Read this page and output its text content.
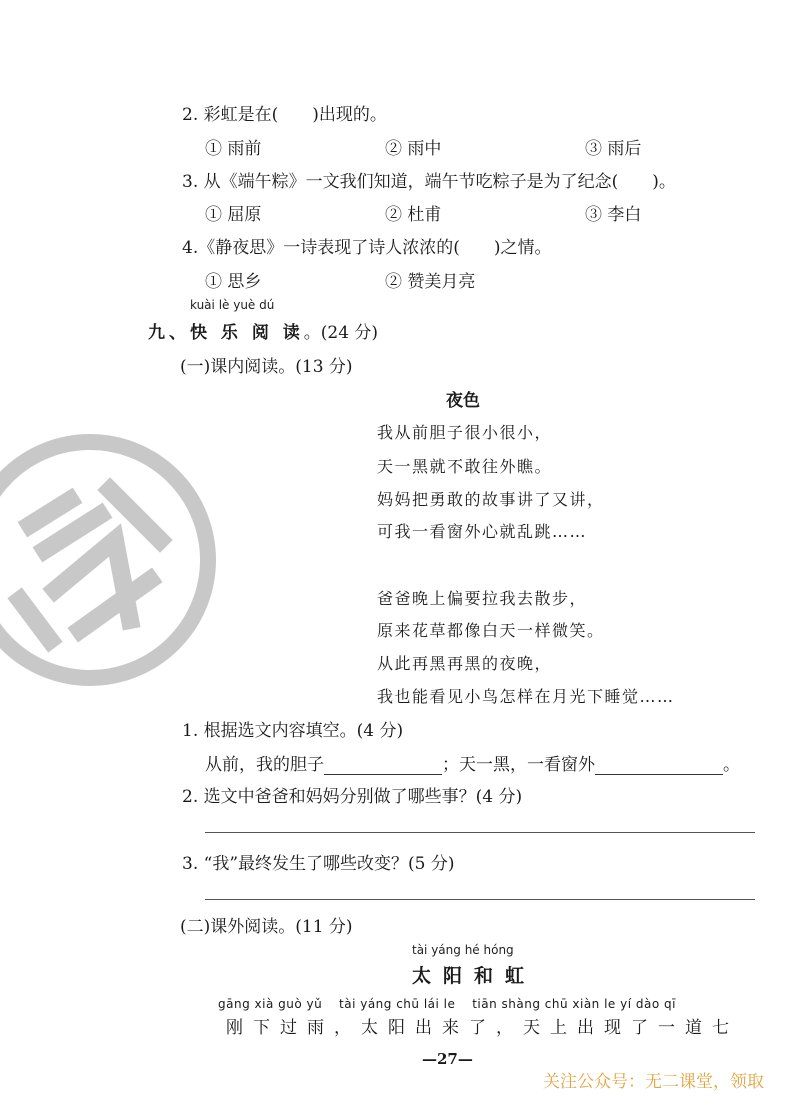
2. 彩虹是在(　　)出现的。
① 雨前	② 雨中	③ 雨后
3. 从《端午粽》一文我们知道，端午节吃粽子是为了纪念(　　)。
① 屈原	② 杜甫	③ 李白
4.《静夜思》一诗表现了诗人浓浓的(　　)之情。
① 思乡	② 赞美月亮
kuài lè yuè dú
九、快 乐 阅 读。(24 分)
(一)课内阅读。(13 分)
夜色
我从前胆子很小很小，
天一黑就不敢往外瞧。
妈妈把勇敢的故事讲了又讲，
可我一看窗外心就乱跳……
爸爸晚上偏要拉我去散步，
原来花草都像白天一样微笑。
从此再黑再黑的夜晚，
我也能看见小鸟怎样在月光下睡觉……
1. 根据选文内容填空。(4 分)
从前，我的胆子	；天一黑，一看窗外	。
2. 选文中爸爸和妈妈分别做了哪些事？(4 分)
3. “我”最终发生了哪些改变？(5 分)
(二)课外阅读。(11 分)
tài yáng hé hóng
太阳和虹
gāng xià guò yǔ　 tài yáng chū lái le　 tiān shàng chū xiàn le yí dào qī
刚下过雨，太阳出来了，天上出现了一道七
—27—
关注公众号：无二课堂，领取
